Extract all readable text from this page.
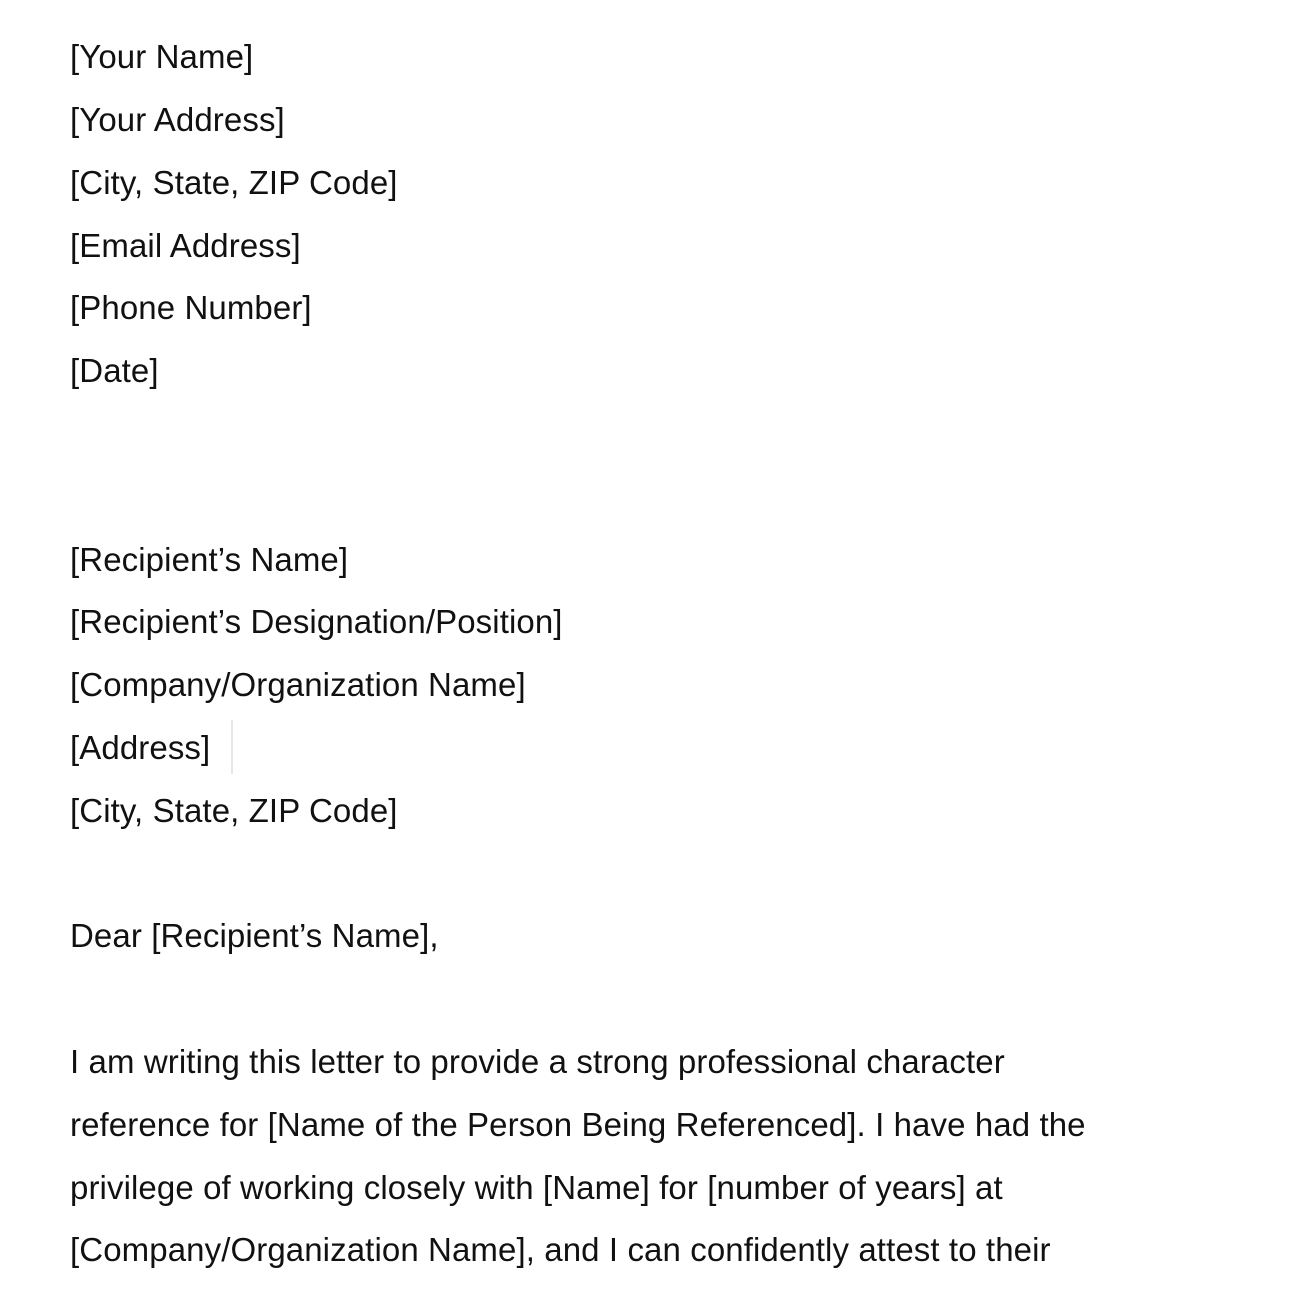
[Your Name]
[Your Address]
[City, State, ZIP Code]
[Email Address]
[Phone Number]
[Date]
[Recipient’s Name]
[Recipient’s Designation/Position]
[Company/Organization Name]
[Address]
[City, State, ZIP Code]
Dear [Recipient’s Name],
I am writing this letter to provide a strong professional character
reference for [Name of the Person Being Referenced]. I have had the
privilege of working closely with [Name] for [number of years] at
[Company/Organization Name], and I can confidently attest to their
